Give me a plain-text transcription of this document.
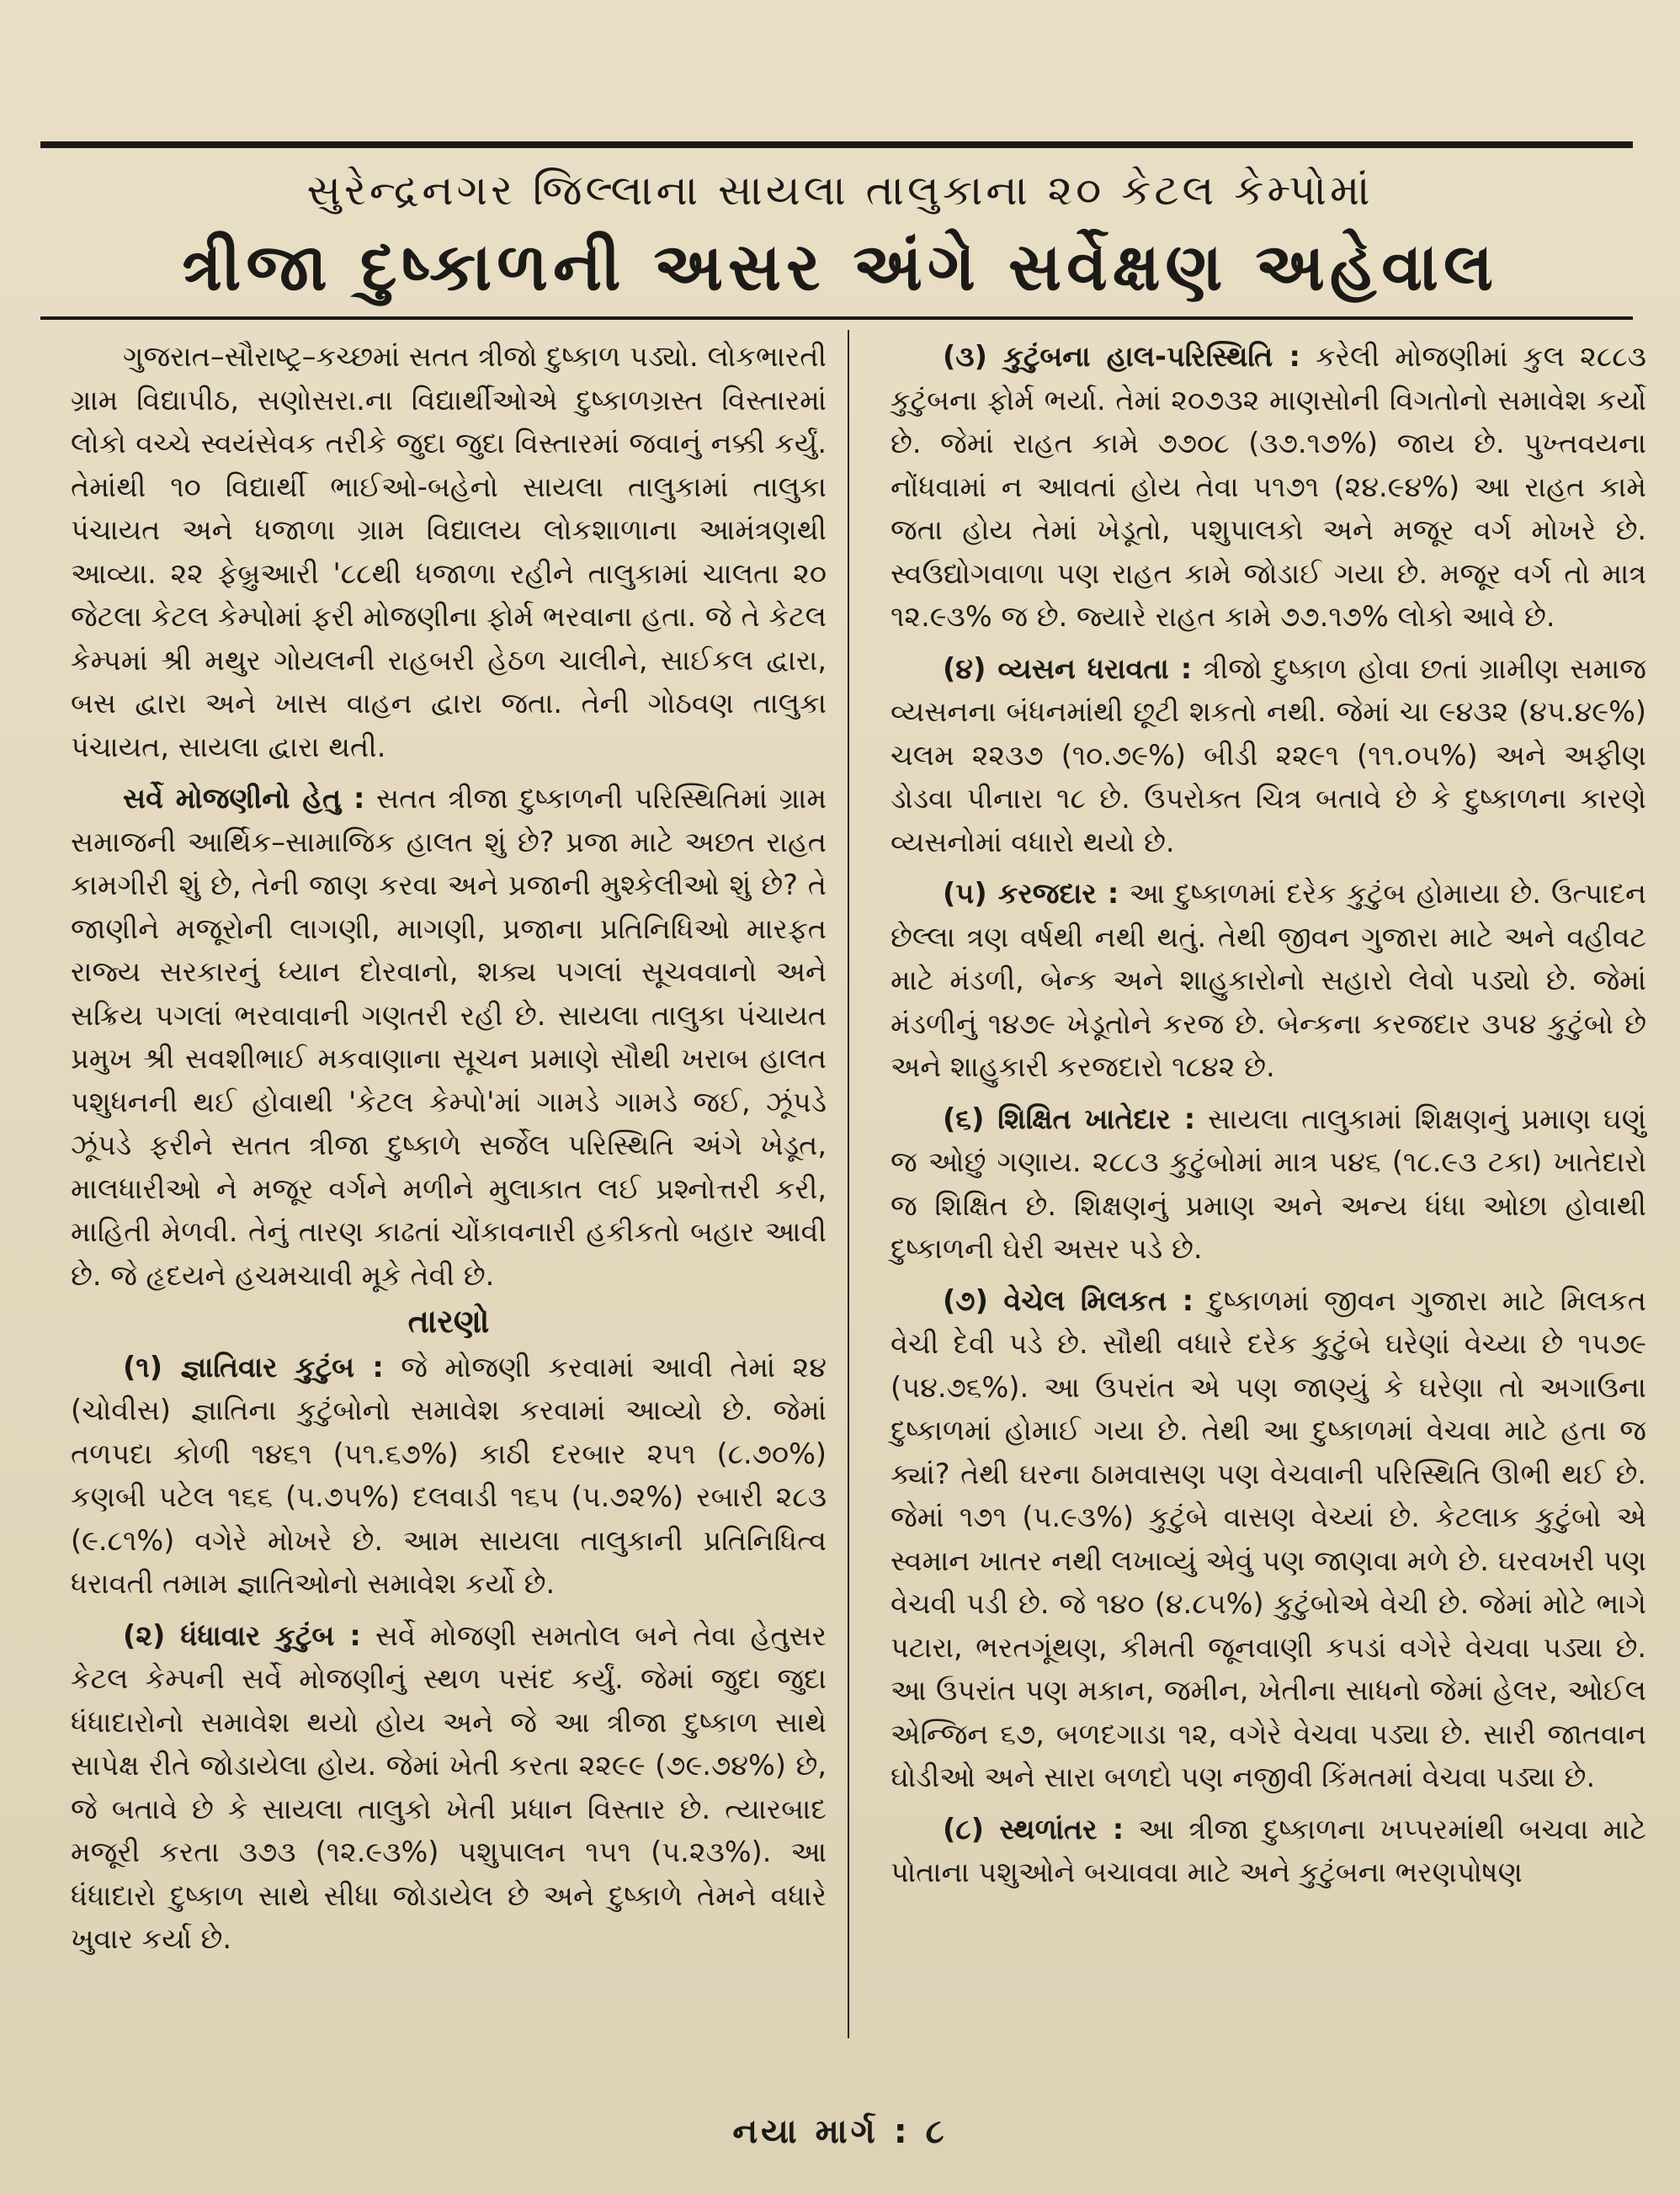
સુરેન્દ્રનગર જિલ્લાના સાયલા તાલુકાના ૨૦ કેટલ કેમ્પોમાં
ત્રીજા દુષ્કાળની અસર અંગે સર્વેક્ષણ અહેવાલ

ગુજરાત–સૌરાષ્ટ્ર–કચ્છમાં સતત ત્રીજો દુષ્કાળ પડ્યો. લોકભારતી ગ્રામ વિદ્યાપીઠ, સણોસરા.ના વિદ્યાર્થીઓએ દુષ્કાળગ્રસ્ત વિસ્તારમાં લોકો વચ્ચે સ્વયંસેવક તરીકે જુદા જુદા વિસ્તારમાં જવાનું નક્કી કર્યું. તેમાંથી ૧૦ વિદ્યાર્થી ભાઈઓ-બહેનો સાયલા તાલુકામાં તાલુકા પંચાયત અને ધજાળા ગ્રામ વિદ્યાલય લોકશાળાના આમંત્રણથી આવ્યા. ૨૨ ફેબ્રુઆરી '૮૮થી ધજાળા રહીને તાલુકામાં ચાલતા ૨૦ જેટલા કેટલ કેમ્પોમાં ફરી મોજણીના ફોર્મ ભરવાના હતા. જે તે કેટલ કેમ્પમાં શ્રી મથુર ગોયલની રાહબરી હેઠળ ચાલીને, સાઈકલ દ્વારા, બસ દ્વારા અને ખાસ વાહન દ્વારા જતા. તેની ગોઠવણ તાલુકા પંચાયત, સાયલા દ્વારા થતી.

સર્વે મોજણીનો હેતુ : સતત ત્રીજા દુષ્કાળની પરિસ્થિતિમાં ગ્રામ સમાજની આર્થિક–સામાજિક હાલત શું છે? પ્રજા માટે અછત રાહત કામગીરી શું છે, તેની જાણ કરવા અને પ્રજાની મુશ્કેલીઓ શું છે? તે જાણીને મજૂરોની લાગણી, માગણી, પ્રજાના પ્રતિનિધિઓ મારફત રાજ્ય સરકારનું ધ્યાન દોરવાનો, શક્ય પગલાં સૂચવવાનો અને સક્રિય પગલાં ભરવાવાની ગણતરી રહી છે. સાયલા તાલુકા પંચાયત પ્રમુખ શ્રી સવશીભાઈ મકવાણાના સૂચન પ્રમાણે સૌથી ખરાબ હાલત પશુધનની થઈ હોવાથી 'કેટલ કેમ્પો'માં ગામડે ગામડે જઈ, ઝૂંપડે ઝૂંપડે ફરીને સતત ત્રીજા દુષ્કાળે સર્જેલ પરિસ્થિતિ અંગે ખેડૂત, માલધારીઓ ને મજૂર વર્ગને મળીને મુલાકાત લઈ પ્રશ્નોત્તરી કરી, માહિતી મેળવી. તેનું તારણ કાઢતાં ચોંકાવનારી હકીકતો બહાર આવી છે. જે હૃદયને હચમચાવી મૂકે તેવી છે.

તારણો

(૧) જ્ઞાતિવાર કુટુંબ : જે મોજણી કરવામાં આવી તેમાં ૨૪ (ચોવીસ) જ્ઞાતિના કુટુંબોનો સમાવેશ કરવામાં આવ્યો છે. જેમાં તળપદા કોળી ૧૪૬૧ (૫૧.૬૭%) કાઠી દરબાર ૨૫૧ (૮.૭૦%) કણબી પટેલ ૧૬૬ (૫.૭૫%) દલવાડી ૧૬૫ (૫.૭૨%) રબારી ૨૮૩ (૯.૮૧%) વગેરે મોખરે છે. આમ સાયલા તાલુકાની પ્રતિનિધિત્વ ધરાવતી તમામ જ્ઞાતિઓનો સમાવેશ કર્યો છે.

(૨) ધંધાવાર કુટુંબ : સર્વે મોજણી સમતોલ બને તેવા હેતુસર કેટલ કેમ્પની સર્વે મોજણીનું સ્થળ પસંદ કર્યું. જેમાં જુદા જુદા ધંધાદારોનો સમાવેશ થયો હોય અને જે આ ત્રીજા દુષ્કાળ સાથે સાપેક્ષ રીતે જોડાયેલા હોય. જેમાં ખેતી કરતા ૨૨૯૯ (૭૯.૭૪%) છે, જે બતાવે છે કે સાયલા તાલુકો ખેતી પ્રધાન વિસ્તાર છે. ત્યારબાદ મજૂરી કરતા ૩૭૩ (૧૨.૯૩%) પશુપાલન ૧૫૧ (૫.૨૩%). આ ધંધાદારો દુષ્કાળ સાથે સીધા જોડાયેલ છે અને દુષ્કાળે તેમને વધારે ખુવાર કર્યા છે.

(૩) કુટુંબના હાલ-પરિસ્થિતિ : કરેલી મોજણીમાં કુલ ૨૮૮૩ કુટુંબના ફોર્મ ભર્યા. તેમાં ૨૦૭૩૨ માણસોની વિગતોનો સમાવેશ કર્યો છે. જેમાં રાહત કામે ૭૭૦૮ (૩૭.૧૭%) જાય છે. પુખ્તવયના નોંધવામાં ન આવતાં હોય તેવા ૫૧૭૧ (૨૪.૯૪%) આ રાહત કામે જતા હોય તેમાં ખેડૂતો, પશુપાલકો અને મજૂર વર્ગ મોખરે છે. સ્વઉદ્યોગવાળા પણ રાહત કામે જોડાઈ ગયા છે. મજૂર વર્ગ તો માત્ર ૧૨.૯૩% જ છે. જ્યારે રાહત કામે ૭૭.૧૭% લોકો આવે છે.

(૪) વ્યસન ધરાવતા : ત્રીજો દુષ્કાળ હોવા છતાં ગ્રામીણ સમાજ વ્યસનના બંધનમાંથી છૂટી શકતો નથી. જેમાં ચા ૯૪૩૨ (૪૫.૪૯%) ચલમ ૨૨૩૭ (૧૦.૭૯%) બીડી ૨૨૯૧ (૧૧.૦૫%) અને અફીણ ડોડવા પીનારા ૧૮ છે. ઉપરોક્ત ચિત્ર બતાવે છે કે દુષ્કાળના કારણે વ્યસનોમાં વધારો થયો છે.

(૫) કરજદાર : આ દુષ્કાળમાં દરેક કુટુંબ હોમાયા છે. ઉત્પાદન છેલ્લા ત્રણ વર્ષથી નથી થતું. તેથી જીવન ગુજારા માટે અને વહીવટ માટે મંડળી, બેન્ક અને શાહુકારોનો સહારો લેવો પડ્યો છે. જેમાં મંડળીનું ૧૪૭૯ ખેડૂતોને કરજ છે. બેન્કના કરજદાર ૩૫૪ કુટુંબો છે અને શાહુકારી કરજદારો ૧૮૪૨ છે.

(૬) શિક્ષિત ખાતેદાર : સાયલા તાલુકામાં શિક્ષણનું પ્રમાણ ઘણું જ ઓછું ગણાય. ૨૮૮૩ કુટુંબોમાં માત્ર ૫૪૬ (૧૮.૯૩ ટકા) ખાતેદારો જ શિક્ષિત છે. શિક્ષણનું પ્રમાણ અને અન્ય ધંધા ઓછા હોવાથી દુષ્કાળની ઘેરી અસર પડે છે.

(૭) વેચેલ મિલકત : દુષ્કાળમાં જીવન ગુજારા માટે મિલકત વેચી દેવી પડે છે. સૌથી વધારે દરેક કુટુંબે ઘરેણાં વેચ્યા છે ૧૫૭૯ (૫૪.૭૬%). આ ઉપરાંત એ પણ જાણ્યું કે ઘરેણા તો અગાઉના દુષ્કાળમાં હોમાઈ ગયા છે. તેથી આ દુષ્કાળમાં વેચવા માટે હતા જ ક્યાં? તેથી ઘરના ઠામવાસણ પણ વેચવાની પરિસ્થિતિ ઊભી થઈ છે. જેમાં ૧૭૧ (૫.૯૩%) કુટુંબે વાસણ વેચ્યાં છે. કેટલાક કુટુંબો એ સ્વમાન ખાતર નથી લખાવ્યું એવું પણ જાણવા મળે છે. ઘરવખરી પણ વેચવી પડી છે. જે ૧૪૦ (૪.૮૫%) કુટુંબોએ વેચી છે. જેમાં મોટે ભાગે પટારા, ભરતગૂંથણ, કીમતી જૂનવાણી કપડાં વગેરે વેચવા પડ્યા છે. આ ઉપરાંત પણ મકાન, જમીન, ખેતીના સાધનો જેમાં હેલર, ઓઈલ એન્જિન ૬૭, બળદગાડા ૧૨, વગેરે વેચવા પડ્યા છે. સારી જાતવાન ઘોડીઓ અને સારા બળદો પણ નજીવી કિંમતમાં વેચવા પડ્યા છે.

(૮) સ્થળાંતર : આ ત્રીજા દુષ્કાળના ખપ્પરમાંથી બચવા માટે પોતાના પશુઓને બચાવવા માટે અને કુટુંબના ભરણપોષણ

નયા માર્ગ : ૮
